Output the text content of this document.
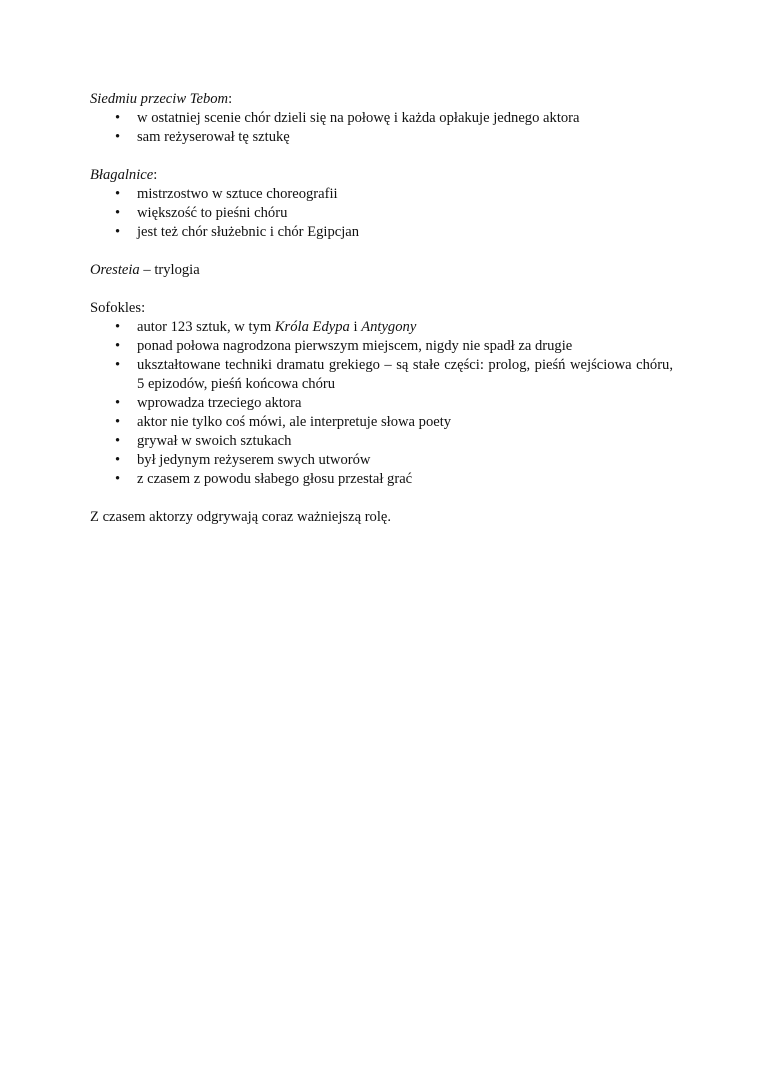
Siedmiu przeciw Tebom:

• w ostatniej scenie chór dzieli się na połowę i każda opłakuje jednego aktora
• sam reżyserował tę sztukę

Błagalnice:

• mistrzostwo w sztuce choreografii
• większość to pieśni chóru
• jest też chór służebnic i chór Egipcjan

Oresteia – trylogia

Sofokles:

• autor 123 sztuk, w tym Króla Edypa i Antygony
• ponad połowa nagrodzona pierwszym miejscem, nigdy nie spadł za drugie
• ukształtowane techniki dramatu grekiego – są stałe części: prolog, pieśń wejściowa chóru, 5 epizodów, pieśń końcowa chóru
• wprowadza trzeciego aktora
• aktor nie tylko coś mówi, ale interpretuje słowa poety
• grywał w swoich sztukach
• był jedynym reżyserem swych utworów
• z czasem z powodu słabego głosu przestał grać

Z czasem aktorzy odgrywają coraz ważniejszą rolę.
